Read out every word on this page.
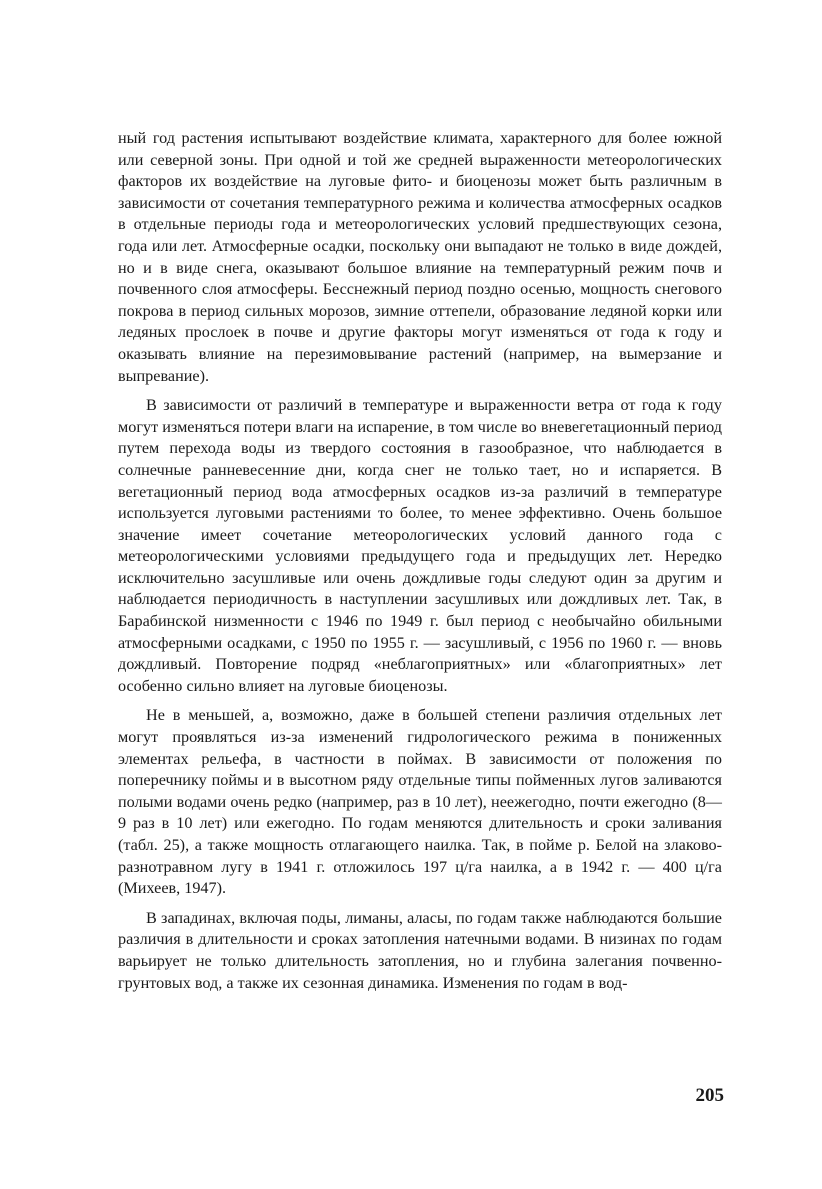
ный год растения испытывают воздействие климата, характерного для более южной или северной зоны. При одной и той же средней выраженности метеорологических факторов их воздействие на луговые фито- и биоценозы может быть различным в зависимости от сочетания температурного режима и количества атмосферных осадков в отдельные периоды года и метеорологических условий предшествующих сезона, года или лет. Атмосферные осадки, поскольку они выпадают не только в виде дождей, но и в виде снега, оказывают большое влияние на температурный режим почв и почвенного слоя атмосферы. Бесснежный период поздно осенью, мощность снегового покрова в период сильных морозов, зимние оттепели, образование ледяной корки или ледяных прослоек в почве и другие факторы могут изменяться от года к году и оказывать влияние на перезимовывание растений (например, на вымерзание и выпревание).

В зависимости от различий в температуре и выраженности ветра от года к году могут изменяться потери влаги на испарение, в том числе во вневегетационный период путем перехода воды из твердого состояния в газообразное, что наблюдается в солнечные ранневесенние дни, когда снег не только тает, но и испаряется. В вегетационный период вода атмосферных осадков из-за различий в температуре используется луговыми растениями то более, то менее эффективно. Очень большое значение имеет сочетание метеорологических условий данного года с метеорологическими условиями предыдущего года и предыдущих лет. Нередко исключительно засушливые или очень дождливые годы следуют один за другим и наблюдается периодичность в наступлении засушливых или дождливых лет. Так, в Барабинской низменности с 1946 по 1949 г. был период с необычайно обильными атмосферными осадками, с 1950 по 1955 г. — засушливый, с 1956 по 1960 г. — вновь дождливый. Повторение подряд «неблагоприятных» или «благоприятных» лет особенно сильно влияет на луговые биоценозы.

Не в меньшей, а, возможно, даже в большей степени различия отдельных лет могут проявляться из-за изменений гидрологического режима в пониженных элементах рельефа, в частности в поймах. В зависимости от положения по поперечнику поймы и в высотном ряду отдельные типы пойменных лугов заливаются полыми водами очень редко (например, раз в 10 лет), неежегодно, почти ежегодно (8—9 раз в 10 лет) или ежегодно. По годам меняются длительность и сроки заливания (табл. 25), а также мощность отлагающего наилка. Так, в пойме р. Белой на злаково-разнотравном лугу в 1941 г. отложилось 197 ц/га наилка, а в 1942 г. — 400 ц/га (Михеев, 1947).

В западинах, включая поды, лиманы, аласы, по годам также наблюдаются большие различия в длительности и сроках затопления натечными водами. В низинах по годам варьирует не только длительность затопления, но и глубина залегания почвенно-грунтовых вод, а также их сезонная динамика. Изменения по годам в вод-

205
